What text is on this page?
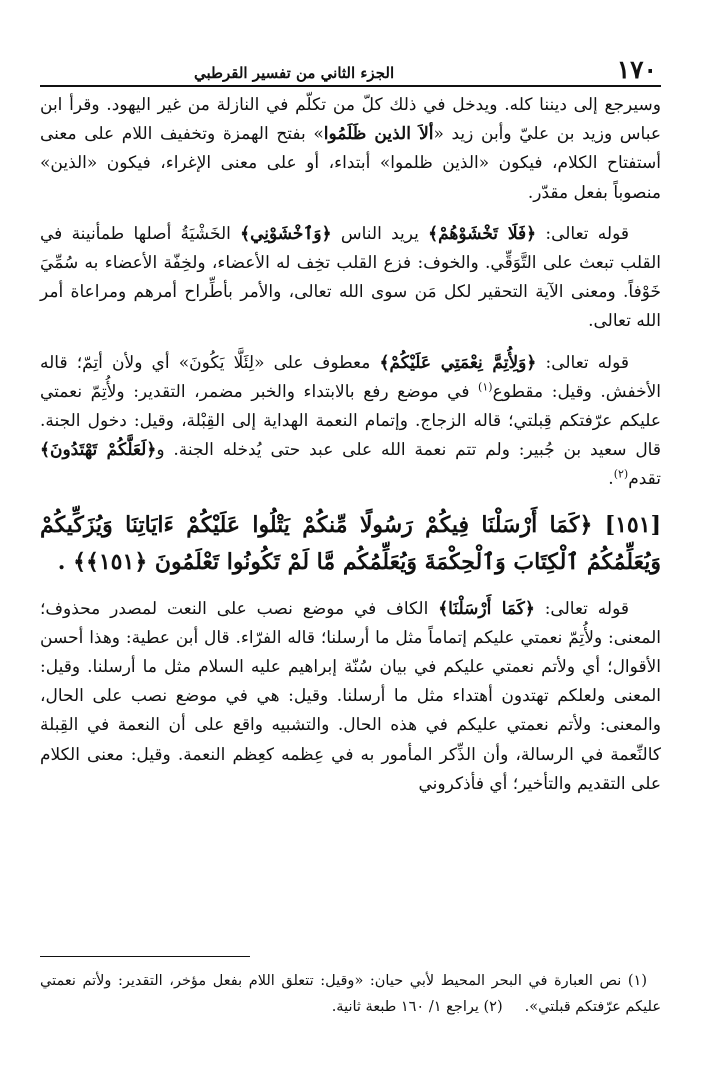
١٧٠
الجزء الثاني من تفسير القرطبي

وسيرجع إلى ديننا كله. ويدخل في ذلك كلّ من تكلّم في النازلة من غير اليهود. وقرأ ابن عباس وزيد بن عليّ وأبن زيد «ألاَ الذين ظَلَمُوا» بفتح الهمزة وتخفيف اللام على معنى أستفتاح الكلام، فيكون «الذين ظلموا» أبتداء، أو على معنى الإغراء، فيكون «الذين» منصوباً بفعل مقدّر.

قوله تعالى: ﴿فَلَا تَخْشَوْهُمْ﴾ يريد الناس ﴿وَٱخْشَوْنِي﴾ الخَشْيَةُ أصلها طمأنينة في القلب تبعث على التَّوَقِّي. والخوف: فزع القلب تخِف له الأعضاء، ولخِفّة الأعضاء به سُمِّيَ خَوْفاً. ومعنى الآية التحقير لكل مَن سوى الله تعالى، والأمر بأطِّراح أمرهم ومراعاة أمر الله تعالى.

قوله تعالى: ﴿وَلِأُتِمَّ نِعْمَتِي عَلَيْكُمْ﴾ معطوف على «لِئَلَّا يَكُونَ» أي ولأن أتِمّ؛ قاله الأخفش. وقيل: مقطوع$^{(١)}$ في موضع رفع بالابتداء والخبر مضمر، التقدير: ولأُتِمّ نعمتي عليكم عرّفتكم قِبلتي؛ قاله الزجاج. وإتمام النعمة الهداية إلى القِبْلة، وقيل: دخول الجنة. قال سعيد بن جُبير: ولم تتم نعمة الله على عبد حتى يُدخله الجنة. و﴿لَعَلَّكُمْ تَهْتَدُونَ﴾ تقدم$^{(٢)}$.

[١٥١] ﴿كَمَا أَرْسَلْنَا فِيكُمْ رَسُولًا مِّنكُمْ يَتْلُوا عَلَيْكُمْ ءَايَاتِنَا وَيُزَكِّيكُمْ وَيُعَلِّمُكُمُ ٱلْكِتَابَ وَٱلْحِكْمَةَ وَيُعَلِّمُكُم مَّا لَمْ تَكُونُوا تَعْلَمُونَ ﴿١٥١﴾﴾ .

قوله تعالى: ﴿كَمَا أَرْسَلْنَا﴾ الكاف في موضع نصب على النعت لمصدر محذوف؛ المعنى: ولأُتِمّ نعمتي عليكم إتماماً مثل ما أرسلنا؛ قاله الفرّاء. قال أبن عطية: وهذا أحسن الأقوال؛ أي ولأتم نعمتي عليكم في بيان سُنّة إبراهيم عليه السلام مثل ما أرسلنا. وقيل: المعنى ولعلكم تهتدون أهتداء مثل ما أرسلنا. وقيل: هي في موضع نصب على الحال، والمعنى: ولأتم نعمتي عليكم في هذه الحال. والتشبيه واقع على أن النعمة في القِبلة كالنِّعمة في الرسالة، وأن الذِّكر المأمور به في عِظمه كعِظم النعمة. وقيل: معنى الكلام على التقديم والتأخير؛ أي فأذكروني

(١) نص العبارة في البحر المحيط لأبي حيان: «وقيل: تتعلق اللام بفعل مؤخر، التقدير: ولأتم نعمتي عليكم عرّفتكم قبلتي».(٢) يراجع ١/ ١٦٠ طبعة ثانية.
